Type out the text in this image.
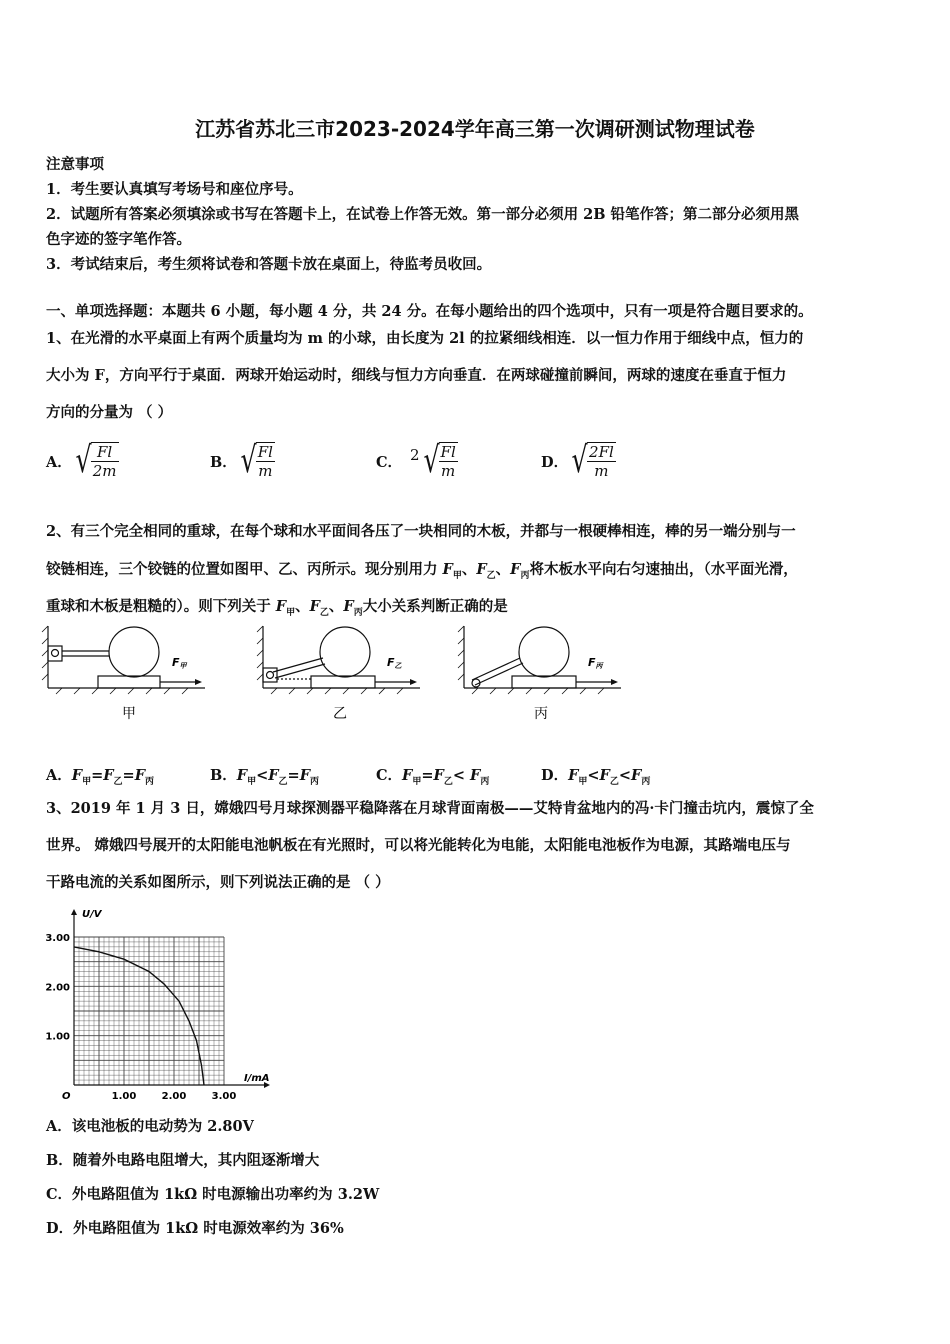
江苏省苏北三市2023-2024学年高三第一次调研测试物理试卷
注意事项
1．考生要认真填写考场号和座位序号。
2．试题所有答案必须填涂或书写在答题卡上，在试卷上作答无效。第一部分必须用 2B 铅笔作答；第二部分必须用黑
色字迹的签字笔作答。
3．考试结束后，考生须将试卷和答题卡放在桌面上，待监考员收回。
一、单项选择题：本题共 6 小题，每小题 4 分，共 24 分。在每小题给出的四个选项中，只有一项是符合题目要求的。
1、在光滑的水平桌面上有两个质量均为 m 的小球，由长度为 2l 的拉紧细线相连．以一恒力作用于细线中点，恒力的
大小为 F，方向平行于桌面．两球开始运动时，细线与恒力方向垂直．在两球碰撞前瞬间，两球的速度在垂直于恒力
方向的分量为 （ ）
A． √ $\frac{Fl}{2m}$	B． √ $\frac{Fl}{m}$	C． 2 √ $\frac{Fl}{m}$	D． √ $\frac{2Fl}{m}$
2、有三个完全相同的重球，在每个球和水平面间各压了一块相同的木板，并都与一根硬棒相连，棒的另一端分别与一
铰链相连，三个铰链的位置如图甲、乙、丙所示。现分别用力 $F_甲$、$F_乙$、$F_丙$将木板水平向右匀速抽出，（水平面光滑，
重球和木板是粗糙的）。则下列关于 $F_甲$、$F_乙$、$F_丙$大小关系判断正确的是
F甲
甲
F乙
乙
F丙
丙
A．$F_甲=F_乙=F_丙$	B．$F_甲<F_乙=F_丙$	C．$F_甲=F_乙< F_丙$	D．$F_甲<F_乙<F_丙$
3、2019 年 1 月 3 日，嫦娥四号月球探测器平稳降落在月球背面南极——艾特肯盆地内的冯·卡门撞击坑内，震惊了全
世界。 嫦娥四号展开的太阳能电池帆板在有光照时，可以将光能转化为电能，太阳能电池板作为电源，其路端电压与
干路电流的关系如图所示，则下列说法正确的是 （ ）
U/V
I/mA
O	1.00	2.00	3.00
1.00
2.00
3.00
A．该电池板的电动势为 2.80V
B．随着外电路电阻增大，其内阻逐渐增大
C．外电路阻值为 1kΩ 时电源输出功率约为 3.2W
D．外电路阻值为 1kΩ 时电源效率约为 36%
